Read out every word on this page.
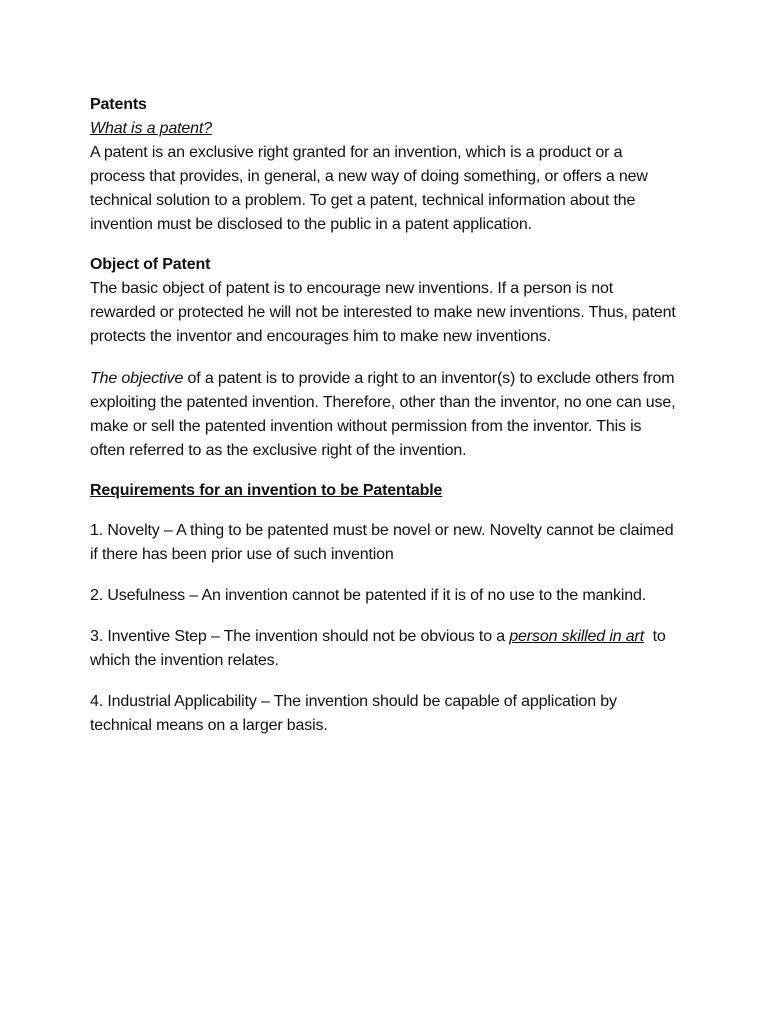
Patents

What is a patent?

A patent is an exclusive right granted for an invention, which is a product or a process that provides, in general, a new way of doing something, or offers a new technical solution to a problem. To get a patent, technical information about the invention must be disclosed to the public in a patent application.

Object of Patent

The basic object of patent is to encourage new inventions. If a person is not rewarded or protected he will not be interested to make new inventions. Thus, patent protects the inventor and encourages him to make new inventions.

The objective of a patent is to provide a right to an inventor(s) to exclude others from exploiting the patented invention. Therefore, other than the inventor, no one can use, make or sell the patented invention without permission from the inventor. This is often referred to as the exclusive right of the invention.

Requirements for an invention to be Patentable

1. Novelty – A thing to be patented must be novel or new. Novelty cannot be claimed if there has been prior use of such invention

2. Usefulness – An invention cannot be patented if it is of no use to the mankind.

3. Inventive Step – The invention should not be obvious to a person skilled in art  to which the invention relates.

4. Industrial Applicability – The invention should be capable of application by technical means on a larger basis.
